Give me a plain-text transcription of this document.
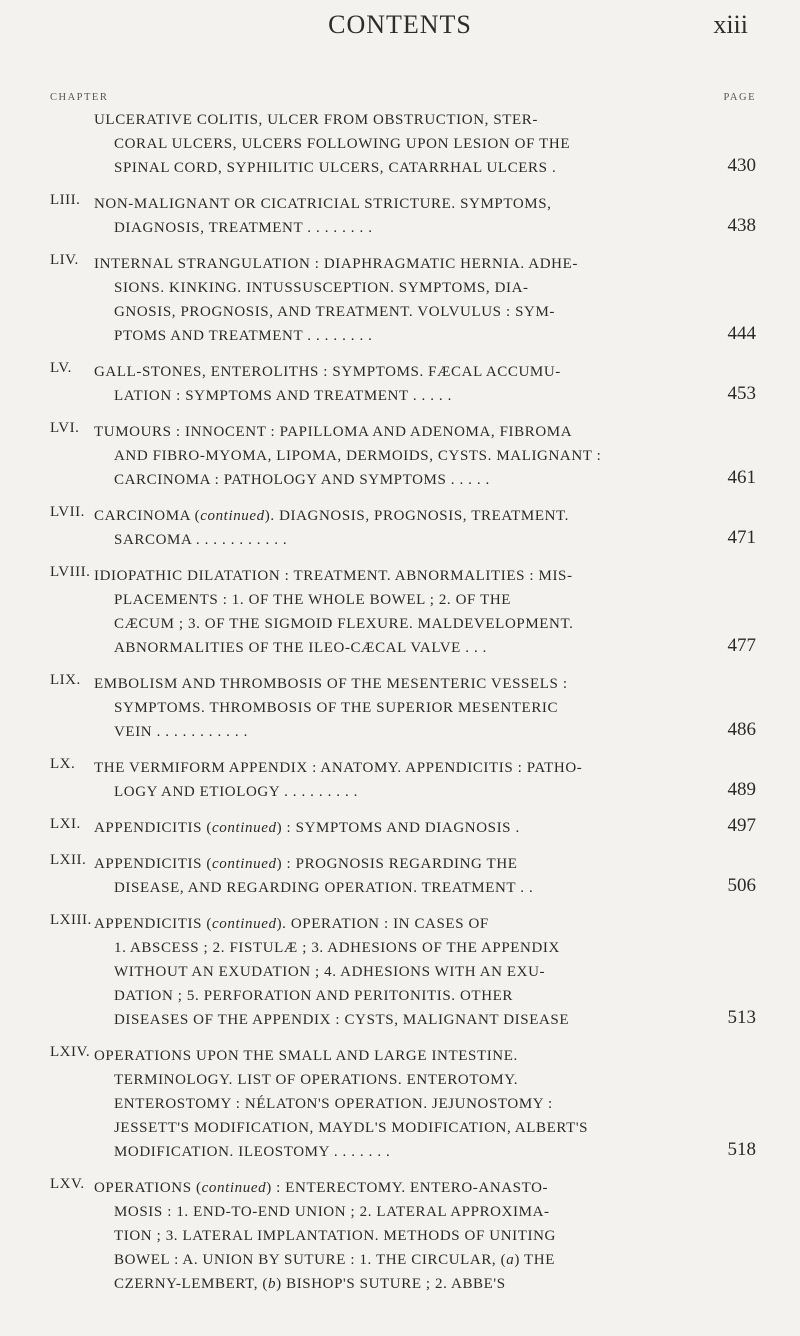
CONTENTS	xiii
CHAPTER	PAGE
ULCERATIVE COLITIS, ULCER FROM OBSTRUCTION, STER-
CORAL ULCERS, ULCERS FOLLOWING UPON LESION OF THE
SPINAL CORD, SYPHILITIC ULCERS, CATARRHAL ULCERS .	430
LIII. NON-MALIGNANT OR CICATRICIAL STRICTURE. SYMPTOMS,
DIAGNOSIS, TREATMENT . . . . . . . .	438
LIV. INTERNAL STRANGULATION : DIAPHRAGMATIC HERNIA. ADHE-
SIONS. KINKING. INTUSSUSCEPTION. SYMPTOMS, DIA-
GNOSIS, PROGNOSIS, AND TREATMENT. VOLVULUS : SYM-
PTOMS AND TREATMENT . . . . . . . .	444
LV. GALL-STONES, ENTEROLITHS : SYMPTOMS. FÆCAL ACCUMU-
LATION : SYMPTOMS AND TREATMENT . . . . .	453
LVI. TUMOURS : INNOCENT : PAPILLOMA AND ADENOMA, FIBROMA
AND FIBRO-MYOMA, LIPOMA, DERMOIDS, CYSTS. MALIGNANT :
CARCINOMA : PATHOLOGY AND SYMPTOMS . . . . .	461
LVII. CARCINOMA (continued). DIAGNOSIS, PROGNOSIS, TREATMENT.
SARCOMA . . . . . . . . . . .	471
LVIII. IDIOPATHIC DILATATION : TREATMENT. ABNORMALITIES : MIS-
PLACEMENTS : 1. OF THE WHOLE BOWEL ; 2. OF THE
CÆCUM ; 3. OF THE SIGMOID FLEXURE. MALDEVELOPMENT.
ABNORMALITIES OF THE ILEO-CÆCAL VALVE . . .	477
LIX. EMBOLISM AND THROMBOSIS OF THE MESENTERIC VESSELS :
SYMPTOMS. THROMBOSIS OF THE SUPERIOR MESENTERIC
VEIN . . . . . . . . . . .	486
LX. THE VERMIFORM APPENDIX : ANATOMY. APPENDICITIS : PATHO-
LOGY AND ETIOLOGY . . . . . . . . .	489
LXI. APPENDICITIS (continued) : SYMPTOMS AND DIAGNOSIS .	497
LXII. APPENDICITIS (continued) : PROGNOSIS REGARDING THE
DISEASE, AND REGARDING OPERATION. TREATMENT . .	506
LXIII. APPENDICITIS (continued). OPERATION : IN CASES OF
1. ABSCESS ; 2. FISTULÆ ; 3. ADHESIONS OF THE APPENDIX
WITHOUT AN EXUDATION ; 4. ADHESIONS WITH AN EXU-
DATION ; 5. PERFORATION AND PERITONITIS. OTHER
DISEASES OF THE APPENDIX : CYSTS, MALIGNANT DISEASE	513
LXIV. OPERATIONS UPON THE SMALL AND LARGE INTESTINE.
TERMINOLOGY. LIST OF OPERATIONS. ENTEROTOMY.
ENTEROSTOMY : NÉLATON'S OPERATION. JEJUNOSTOMY :
JESSETT'S MODIFICATION, MAYDL'S MODIFICATION, ALBERT'S
MODIFICATION. ILEOSTOMY . . . . . . .	518
LXV. OPERATIONS (continued) : ENTERECTOMY. ENTERO-ANASTO-
MOSIS : 1. END-TO-END UNION ; 2. LATERAL APPROXIMA-
TION ; 3. LATERAL IMPLANTATION. METHODS OF UNITING
BOWEL : A. UNION BY SUTURE : 1. THE CIRCULAR, (a) THE
CZERNY-LEMBERT, (b) BISHOP'S SUTURE ; 2. ABBE'S
